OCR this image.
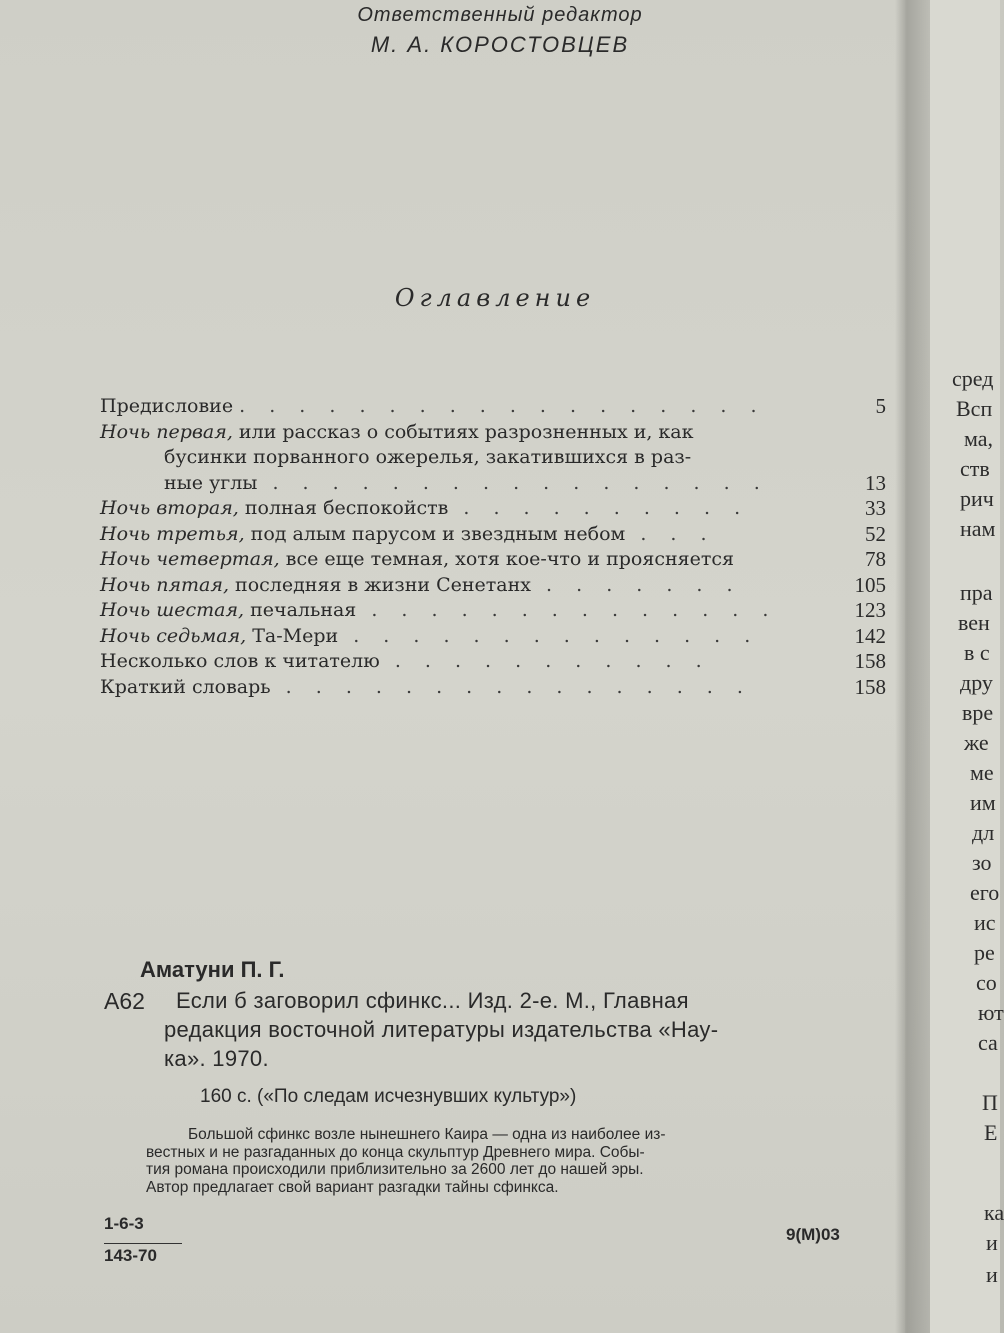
Ответственный редактор
М. А. КОРОСТОВЦЕВ
Оглавление
Предисловие . . . . . . . . . . . . . . . . . .	5
Ночь первая, или рассказ о событиях разрозненных и, как
бусинки порванного ожерелья, закатившихся в раз-
ные углы . . . . . . . . . . . . . . . . .	13
Ночь вторая, полная беспокойств . . . . . . . . . .	33
Ночь третья, под алым парусом и звездным небом . . .	52
Ночь четвертая, все еще темная, хотя кое-что и проясняется	78
Ночь пятая, последняя в жизни Сенетанх . . . . . . .	105
Ночь шестая, печальная . . . . . . . . . . . . . .	123
Ночь седьмая, Та-Мери . . . . . . . . . . . . . .	142
Несколько слов к читателю . . . . . . . . . . .	158
Краткий словарь . . . . . . . . . . . . . . . .	158
Аматуни П. Г.
А62 Если б заговорил сфинкс... Изд. 2-е. М., Главная
редакция восточной литературы издательства «Нау-
ка». 1970.
160 с. («По следам исчезнувших культур»)
Большой сфинкс возле нынешнего Каира — одна из наиболее из-
вестных и не разгаданных до конца скульптур Древнего мира. Собы-
тия романа происходили приблизительно за 2600 лет до нашей эры.
Автор предлагает свой вариант разгадки тайны сфинкса.
1-6-3
143-70
9(М)03
сред
Всп
ма,
ств
рич
нам
пра
вен
в с
дру
вре
же
ме
им
дл
зо
его
ис
ре
со
ют
са
П
Е
ка
и
и
